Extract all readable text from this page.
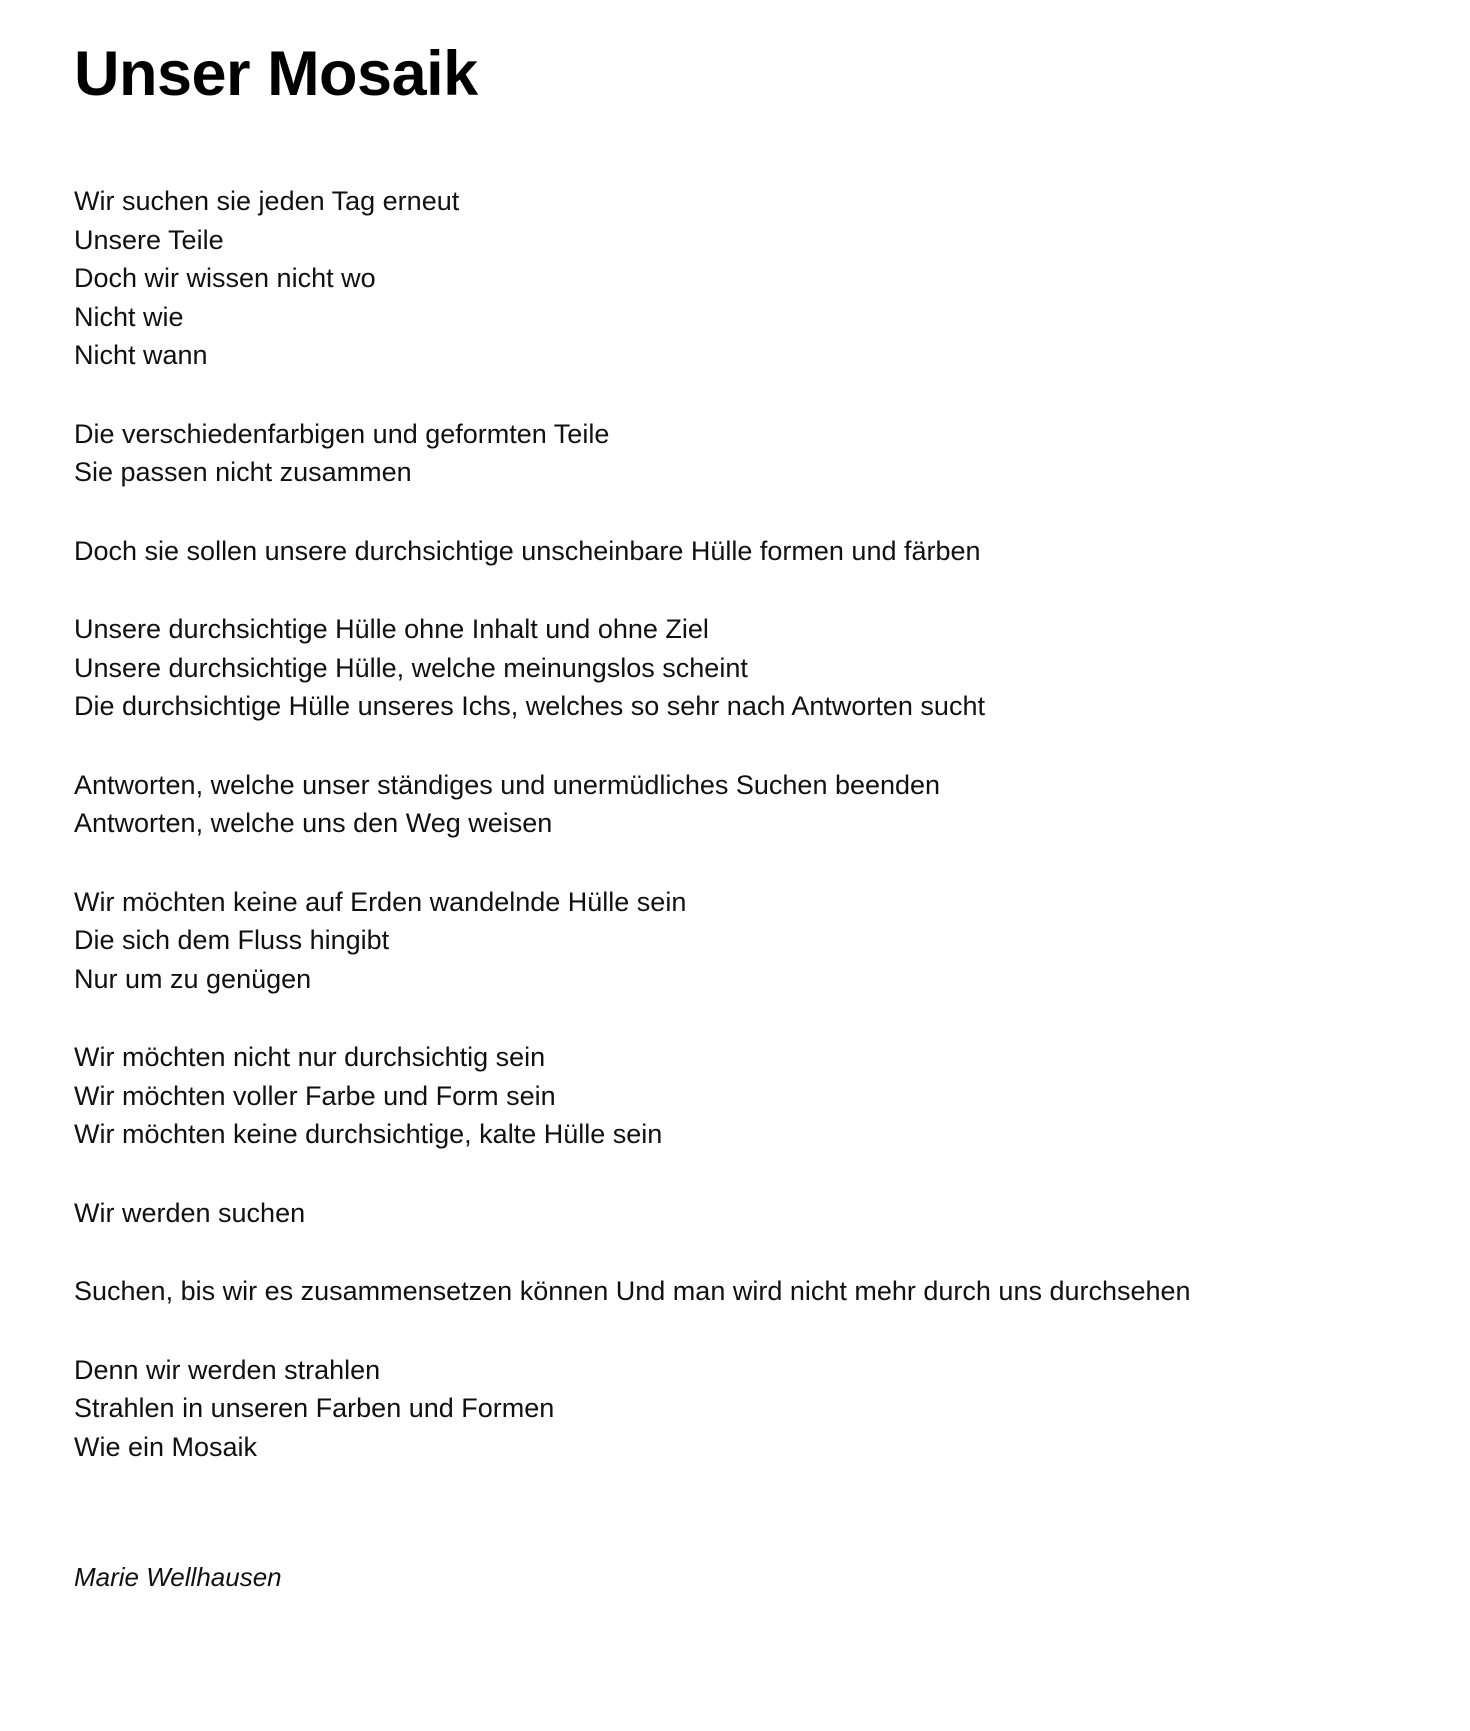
Unser Mosaik
Wir suchen sie jeden Tag erneut
Unsere Teile
Doch wir wissen nicht wo
Nicht wie
Nicht wann
Die verschiedenfarbigen und geformten Teile
Sie passen nicht zusammen
Doch sie sollen unsere durchsichtige unscheinbare Hülle formen und färben
Unsere durchsichtige Hülle ohne Inhalt und ohne Ziel
Unsere durchsichtige Hülle, welche meinungslos scheint
Die durchsichtige Hülle unseres Ichs, welches so sehr nach Antworten sucht
Antworten, welche unser ständiges und unermüdliches Suchen beenden
Antworten, welche uns den Weg weisen
Wir möchten keine auf Erden wandelnde Hülle sein
Die sich dem Fluss hingibt
Nur um zu genügen
Wir möchten nicht nur durchsichtig sein
Wir möchten voller Farbe und Form sein
Wir möchten keine durchsichtige, kalte Hülle sein
Wir werden suchen
Suchen, bis wir es zusammensetzen können Und man wird nicht mehr durch uns durchsehen
Denn wir werden strahlen
Strahlen in unseren Farben und Formen
Wie ein Mosaik
Marie Wellhausen
